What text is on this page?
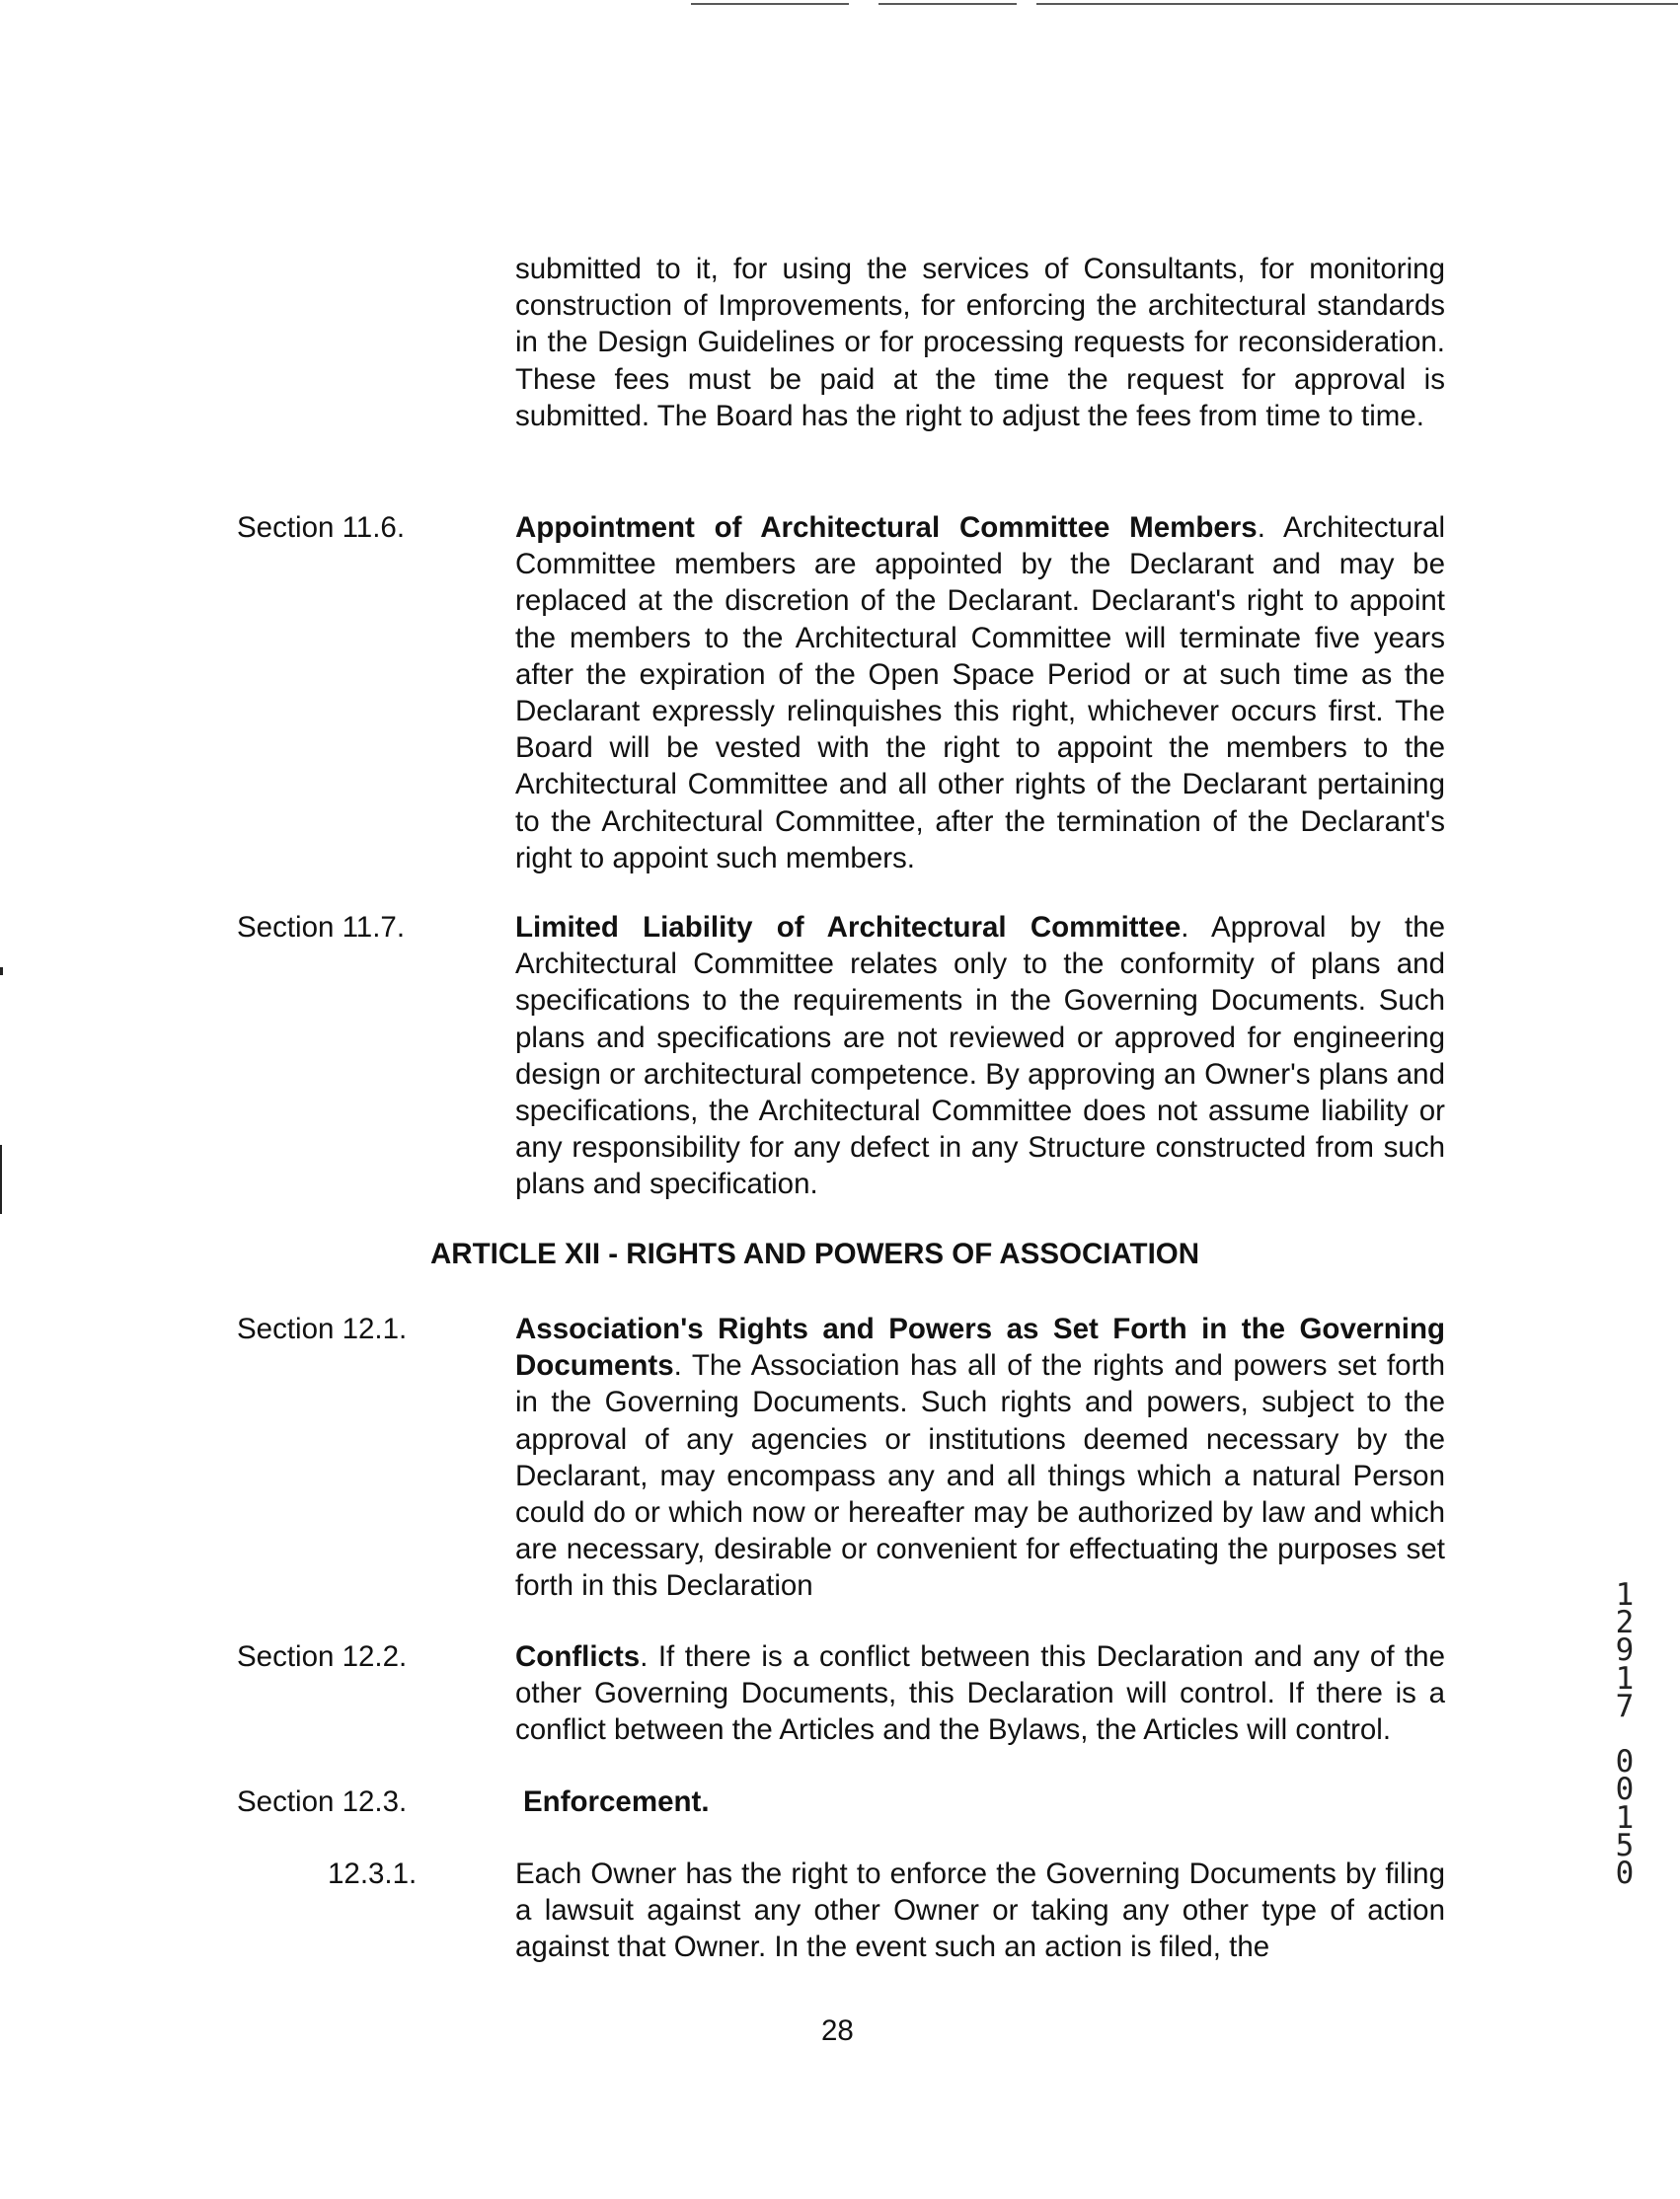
submitted to it, for using the services of Consultants, for monitoring construction of Improvements, for enforcing the architectural standards in the Design Guidelines or for processing requests for reconsideration. These fees must be paid at the time the request for approval is submitted. The Board has the right to adjust the fees from time to time.
Section 11.6.	Appointment of Architectural Committee Members. Architectural Committee members are appointed by the Declarant and may be replaced at the discretion of the Declarant. Declarant's right to appoint the members to the Architectural Committee will terminate five years after the expiration of the Open Space Period or at such time as the Declarant expressly relinquishes this right, whichever occurs first. The Board will be vested with the right to appoint the members to the Architectural Committee and all other rights of the Declarant pertaining to the Architectural Committee, after the termination of the Declarant's right to appoint such members.
Section 11.7.	Limited Liability of Architectural Committee. Approval by the Architectural Committee relates only to the conformity of plans and specifications to the requirements in the Governing Documents. Such plans and specifications are not reviewed or approved for engineering design or architectural competence. By approving an Owner's plans and specifications, the Architectural Committee does not assume liability or any responsibility for any defect in any Structure constructed from such plans and specification.
ARTICLE XII - RIGHTS AND POWERS OF ASSOCIATION
Section 12.1.	Association's Rights and Powers as Set Forth in the Governing Documents. The Association has all of the rights and powers set forth in the Governing Documents. Such rights and powers, subject to the approval of any agencies or institutions deemed necessary by the Declarant, may encompass any and all things which a natural Person could do or which now or hereafter may be authorized by law and which are necessary, desirable or convenient for effectuating the purposes set forth in this Declaration
Section 12.2.	Conflicts. If there is a conflict between this Declaration and any of the other Governing Documents, this Declaration will control. If there is a conflict between the Articles and the Bylaws, the Articles will control.
Section 12.3.	Enforcement.
12.3.1.	Each Owner has the right to enforce the Governing Documents by filing a lawsuit against any other Owner or taking any other type of action against that Owner. In the event such an action is filed, the
28
1
2
9
1
7

0
0
1
5
0
